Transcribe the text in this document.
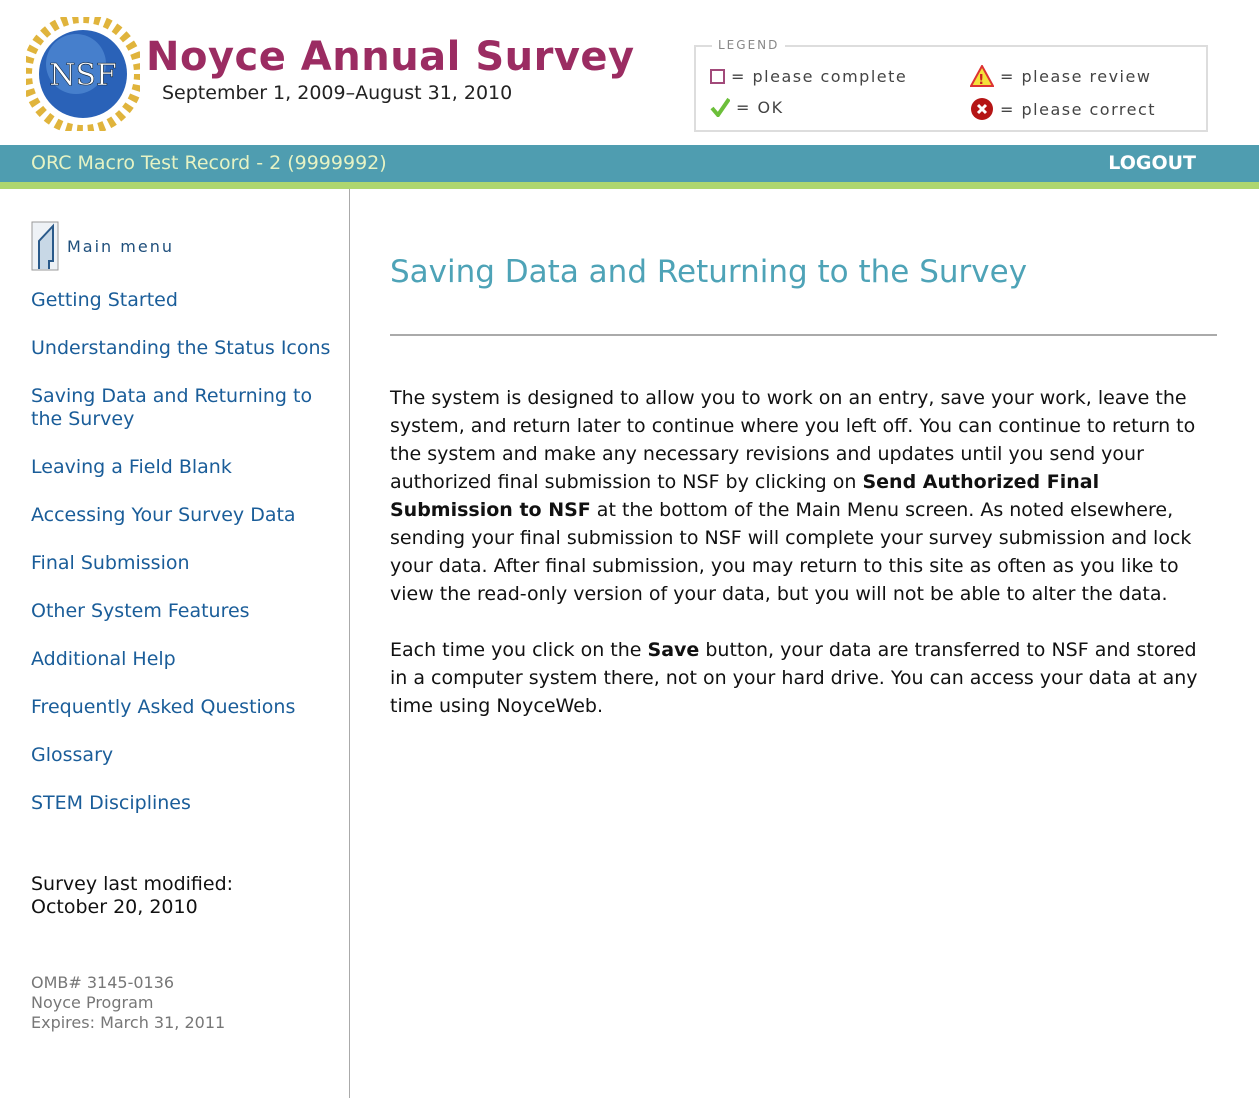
NSF Noyce Annual Survey
September 1, 2009–August 31, 2010
LEGEND
= please complete	! = please review
= OK	= please correct
ORC Macro Test Record - 2 (9999992)	LOGOUT
Main menu
Getting Started
Understanding the Status Icons
Saving Data and Returning to the Survey
Leaving a Field Blank
Accessing Your Survey Data
Final Submission
Other System Features
Additional Help
Frequently Asked Questions
Glossary
STEM Disciplines
Survey last modified:
October 20, 2010
OMB# 3145-0136
Noyce Program
Expires: March 31, 2011
Saving Data and Returning to the Survey

The system is designed to allow you to work on an entry, save your work, leave the system, and return later to continue where you left off. You can continue to return to the system and make any necessary revisions and updates until you send your authorized final submission to NSF by clicking on Send Authorized Final Submission to NSF at the bottom of the Main Menu screen. As noted elsewhere, sending your final submission to NSF will complete your survey submission and lock your data. After final submission, you may return to this site as often as you like to view the read-only version of your data, but you will not be able to alter the data.

Each time you click on the Save button, your data are transferred to NSF and stored in a computer system there, not on your hard drive. You can access your data at any time using NoyceWeb.
